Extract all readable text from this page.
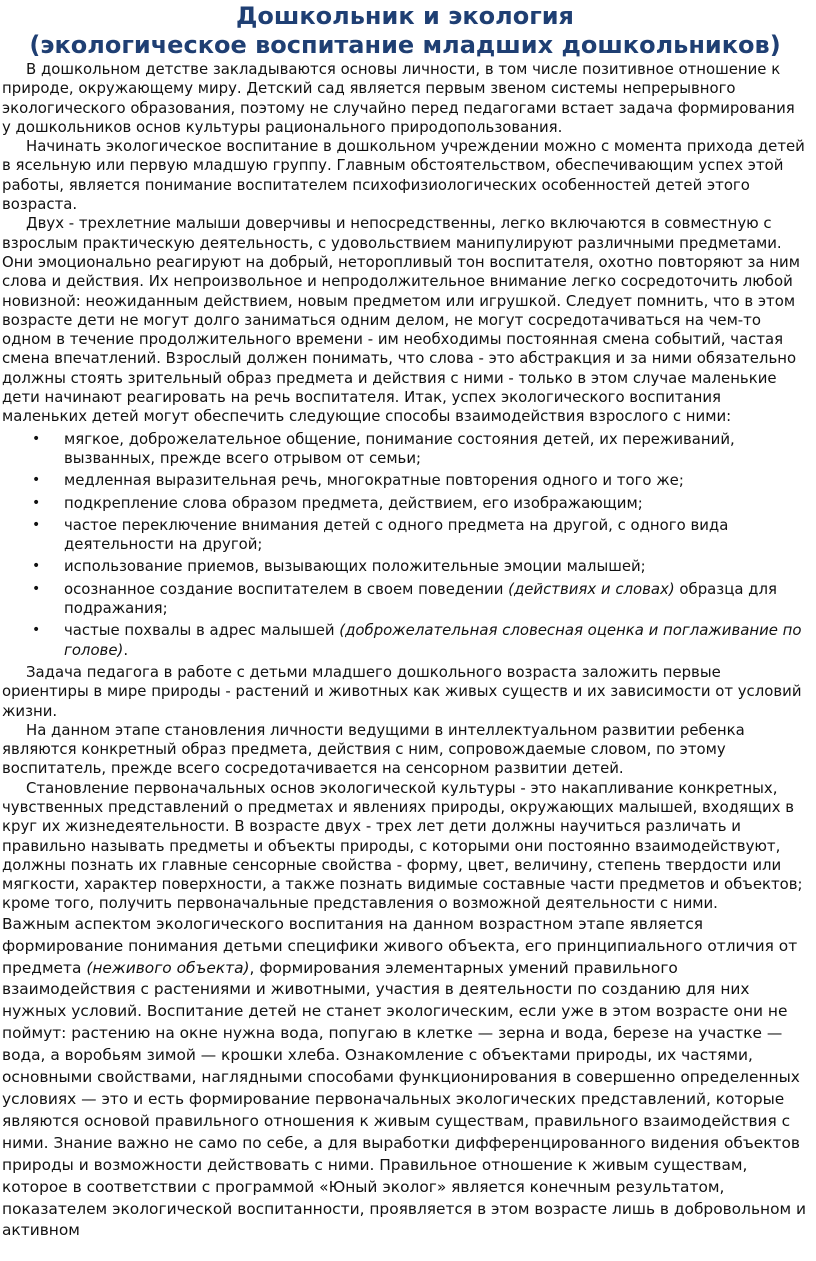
Дошкольник и экология
(экологическое воспитание младших дошкольников)

В дошкольном детстве закладываются основы личности, в том числе позитивное отношение к природе, окружающему миру. Детский сад является первым звеном системы непрерывного экологического образования, поэтому не случайно перед педагогами встает задача формирования у дошкольников основ культуры рационального природопользования.

Начинать экологическое воспитание в дошкольном учреждении можно с момента прихода детей в ясельную или первую младшую группу. Главным обстоятельством, обеспечивающим успех этой работы, является понимание воспитателем психофизиологических особенностей детей этого возраста.

Двух - трехлетние малыши доверчивы и непосредственны, легко включаются в совместную с взрослым практическую деятельность, с удовольствием манипулируют различными предметами. Они эмоционально реагируют на добрый, неторопливый тон воспитателя, охотно повторяют за ним слова и действия. Их непроизвольное и непродолжительное внимание легко сосредоточить любой новизной: неожиданным действием, новым предметом или игрушкой. Следует помнить, что в этом возрасте дети не могут долго заниматься одним делом, не могут сосредотачиваться на чем-то одном в течение продолжительного времени - им необходимы постоянная смена событий, частая смена впечатлений. Взрослый должен понимать, что слова - это абстракция и за ними обязательно должны стоять зрительный образ предмета и действия с ними - только в этом случае маленькие дети начинают реагировать на речь воспитателя. Итак, успех экологического воспитания маленьких детей могут обеспечить следующие способы взаимодействия взрослого с ними:

• мягкое, доброжелательное общение, понимание состояния детей, их переживаний, вызванных, прежде всего отрывом от семьи;
• медленная выразительная речь, многократные повторения одного и того же;
• подкрепление слова образом предмета, действием, его изображающим;
• частое переключение внимания детей с одного предмета на другой, с одного вида деятельности на другой;
• использование приемов, вызывающих положительные эмоции малышей;
• осознанное создание воспитателем в своем поведении (действиях и словах) образца для подражания;
• частые похвалы в адрес малышей (доброжелательная словесная оценка и поглаживание по голове).

Задача педагога в работе с детьми младшего дошкольного возраста заложить первые ориентиры в мире природы - растений и животных как живых существ и их зависимости от условий жизни.

На данном этапе становления личности ведущими в интеллектуальном развитии ребенка являются конкретный образ предмета, действия с ним, сопровождаемые словом, по этому воспитатель, прежде всего сосредотачивается на сенсорном развитии детей.

Становление первоначальных основ экологической культуры - это накапливание конкретных, чувственных представлений о предметах и явлениях природы, окружающих малышей, входящих в круг их жизнедеятельности. В возрасте двух - трех лет дети должны научиться различать и правильно называть предметы и объекты природы, с которыми они постоянно взаимодействуют, должны познать их главные сенсорные свойства - форму, цвет, величину, степень твердости или мягкости, характер поверхности, а также познать видимые составные части предметов и объектов; кроме того, получить первоначальные представления о возможной деятельности с ними.

Важным аспектом экологического воспитания на данном возрастном этапе является формирование понимания детьми специфики живого объекта, его принципиального отличия от предмета (неживого объекта), формирования элементарных умений правильного взаимодействия с растениями и животными, участия в деятельности по созданию для них нужных условий. Воспитание детей не станет экологическим, если уже в этом возрасте они не поймут: растению на окне нужна вода, попугаю в клетке — зерна и вода, березе на участке — вода, а воробьям зимой — крошки хлеба. Ознакомление с объектами природы, их частями, основными свойствами, наглядными способами функционирования в совершенно определенных условиях — это и есть формирование первоначальных экологических представлений, которые являются основой правильного отношения к живым существам, правильного взаимодействия с ними. Знание важно не само по себе, а для выработки дифференцированного видения объектов природы и возможности действовать с ними. Правильное отношение к живым существам, которое в соответствии с программой «Юный эколог» является конечным результатом, показателем экологической воспитанности, проявляется в этом возрасте лишь в добровольном и активном
